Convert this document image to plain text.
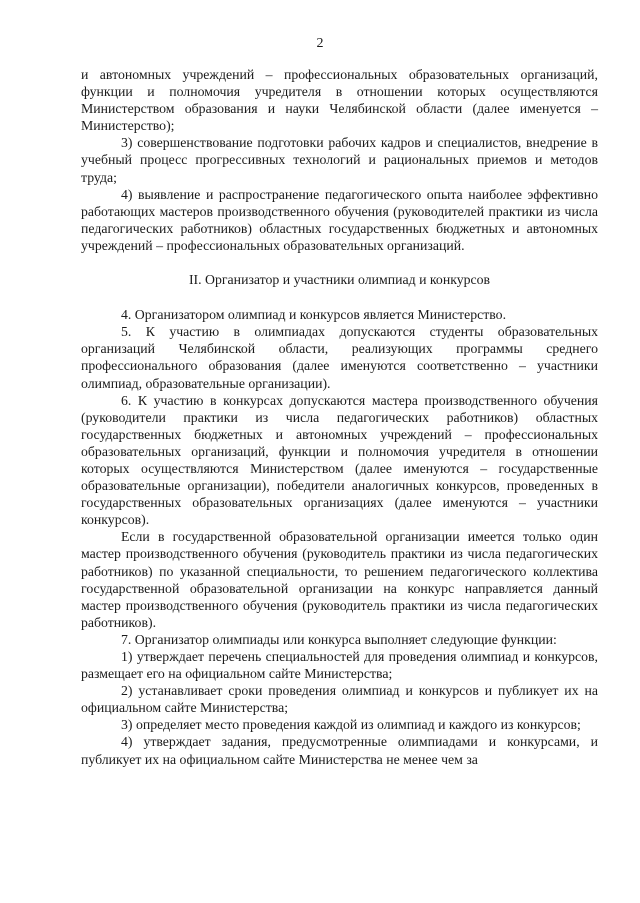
2

и автономных учреждений – профессиональных образовательных организаций, функции и полномочия учредителя в отношении которых осуществляются Министерством образования и науки Челябинской области (далее именуется – Министерство);

3) совершенствование подготовки рабочих кадров и специалистов, внедрение в учебный процесс прогрессивных технологий и рациональных приемов и методов труда;

4) выявление и распространение педагогического опыта наиболее эффективно работающих мастеров производственного обучения (руководителей практики из числа педагогических работников) областных государственных бюджетных и автономных учреждений – профессиональных образовательных организаций.

II. Организатор и участники олимпиад и конкурсов

4. Организатором олимпиад и конкурсов является Министерство.

5. К участию в олимпиадах допускаются студенты образовательных организаций Челябинской области, реализующих программы среднего профессионального образования (далее именуются соответственно – участники олимпиад, образовательные организации).

6. К участию в конкурсах допускаются мастера производственного обучения (руководители практики из числа педагогических работников) областных государственных бюджетных и автономных учреждений – профессиональных образовательных организаций, функции и полномочия учредителя в отношении которых осуществляются Министерством (далее именуются – государственные образовательные организации), победители аналогичных конкурсов, проведенных в государственных образовательных организациях (далее именуются – участники конкурсов).

Если в государственной образовательной организации имеется только один мастер производственного обучения (руководитель практики из числа педагогических работников) по указанной специальности, то решением педагогического коллектива государственной образовательной организации на конкурс направляется данный мастер производственного обучения (руководитель практики из числа педагогических работников).

7. Организатор олимпиады или конкурса выполняет следующие функции:

1) утверждает перечень специальностей для проведения олимпиад и конкурсов, размещает его на официальном сайте Министерства;

2) устанавливает сроки проведения олимпиад и конкурсов и публикует их на официальном сайте Министерства;

3) определяет место проведения каждой из олимпиад и каждого из конкурсов;

4) утверждает задания, предусмотренные олимпиадами и конкурсами, и публикует их на официальном сайте Министерства не менее чем за
